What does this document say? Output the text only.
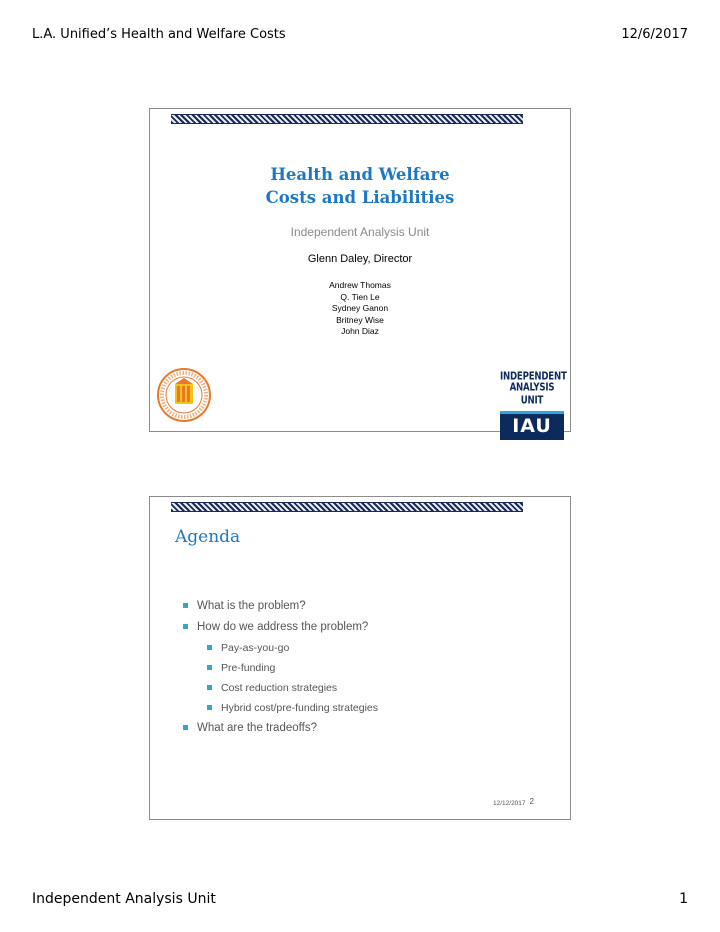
L.A. Unified’s Health and Welfare Costs	12/6/2017
Health and Welfare
Costs and Liabilities
Independent Analysis Unit
Glenn Daley, Director
Andrew Thomas
Q. Tien Le
Sydney Ganon
Britney Wise
John Diaz
INDEPENDENT
ANALYSIS UNIT
IAU
Agenda
What is the problem?
How do we address the problem?
Pay-as-you-go
Pre-funding
Cost reduction strategies
Hybrid cost/pre-funding strategies
What are the tradeoffs?
12/12/2017 2
Independent Analysis Unit	1
